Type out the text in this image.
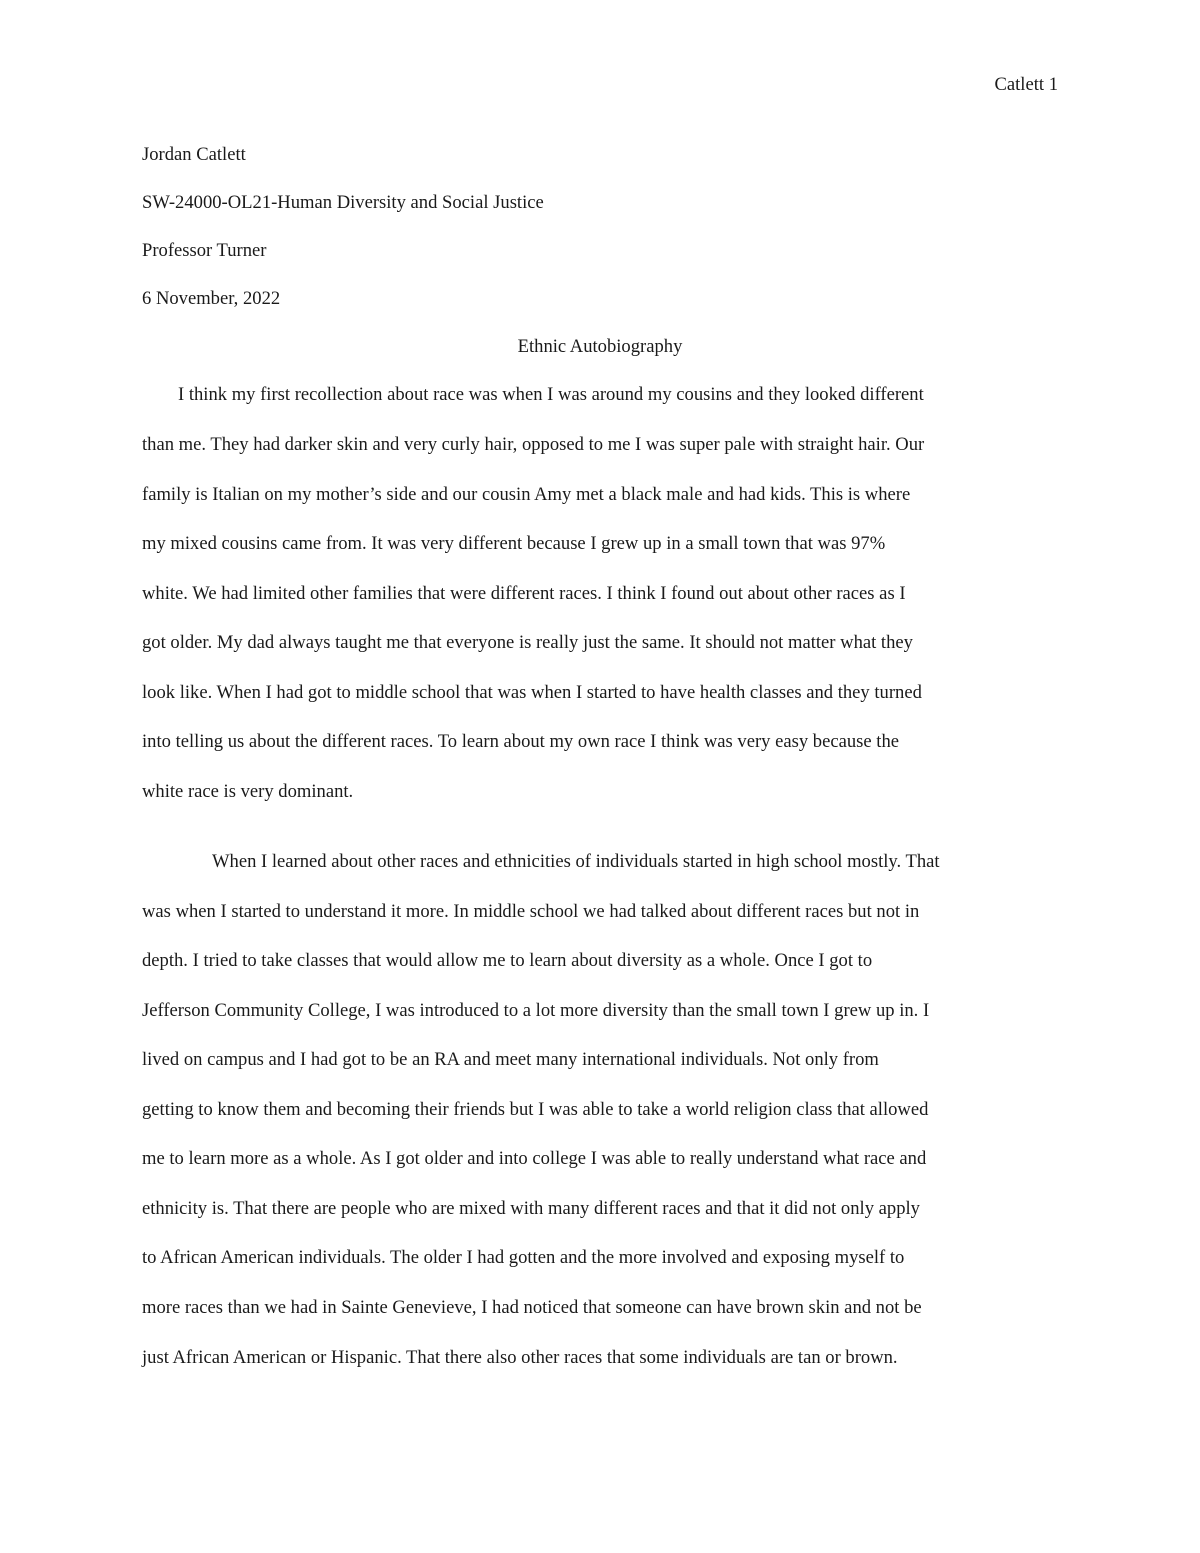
Catlett 1
Jordan Catlett
SW-24000-OL21-Human Diversity and Social Justice
Professor Turner
6 November, 2022
Ethnic Autobiography
I think my first recollection about race was when I was around my cousins and they looked different
than me. They had darker skin and very curly hair, opposed to me I was super pale with straight hair. Our
family is Italian on my mother’s side and our cousin Amy met a black male and had kids. This is where
my mixed cousins came from. It was very different because I grew up in a small town that was 97%
white. We had limited other families that were different races. I think I found out about other races as I
got older. My dad always taught me that everyone is really just the same. It should not matter what they
look like. When I had got to middle school that was when I started to have health classes and they turned
into telling us about the different races. To learn about my own race I think was very easy because the
white race is very dominant.
When I learned about other races and ethnicities of individuals started in high school mostly. That
was when I started to understand it more. In middle school we had talked about different races but not in
depth. I tried to take classes that would allow me to learn about diversity as a whole. Once I got to
Jefferson Community College, I was introduced to a lot more diversity than the small town I grew up in. I
lived on campus and I had got to be an RA and meet many international individuals. Not only from
getting to know them and becoming their friends but I was able to take a world religion class that allowed
me to learn more as a whole. As I got older and into college I was able to really understand what race and
ethnicity is. That there are people who are mixed with many different races and that it did not only apply
to African American individuals. The older I had gotten and the more involved and exposing myself to
more races than we had in Sainte Genevieve, I had noticed that someone can have brown skin and not be
just African American or Hispanic. That there also other races that some individuals are tan or brown.
